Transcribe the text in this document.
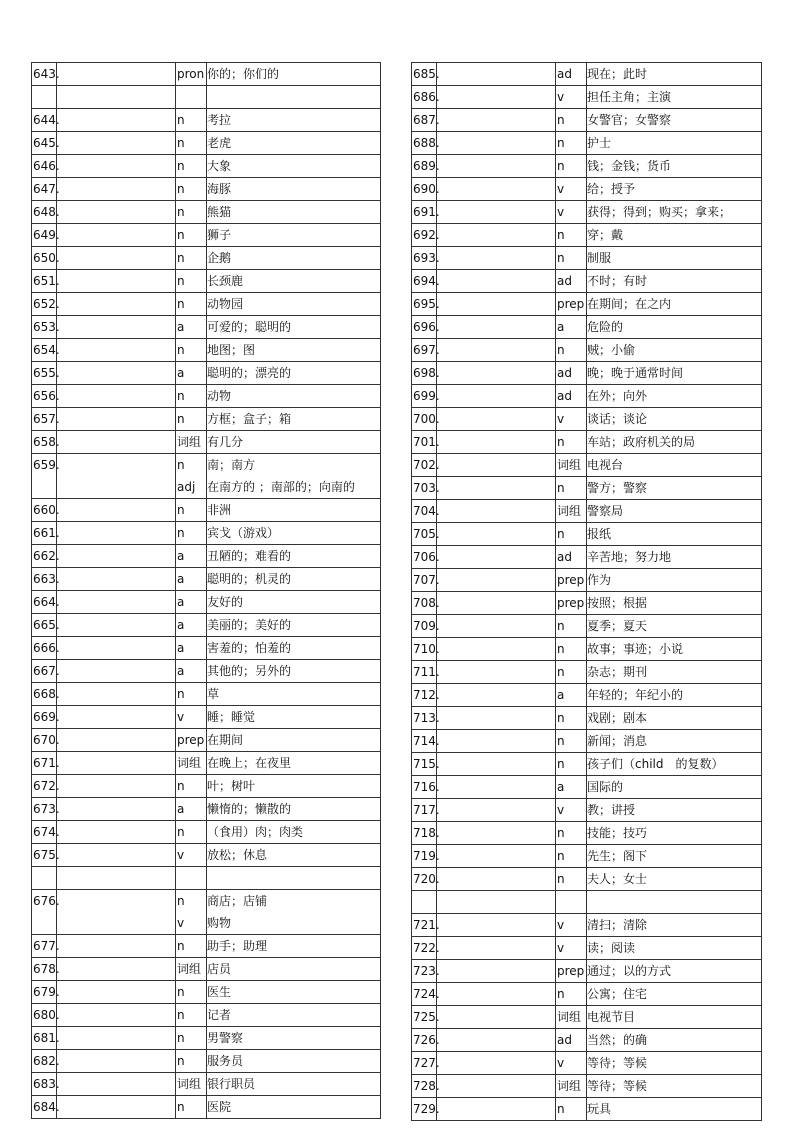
643.	pron 你的；你们的
644.	n 考拉
645.	n 老虎
646.	n 大象
647.	n 海豚
648.	n 熊猫
649.	n 狮子
650.	n 企鹅
651.	n 长颈鹿
652.	n 动物园
653.	a 可爱的；聪明的
654.	n 地图；图
655.	a 聪明的；漂亮的
656.	n 动物
657.	n 方框；盒子；箱
658.	词组 有几分
659.	n 南；南方
adj 在南方的 ；南部的；向南的
660.	n 非洲
661.	n 宾戈（游戏）
662.	a 丑陋的；难看的
663.	a 聪明的；机灵的
664.	a 友好的
665.	a 美丽的；美好的
666.	a 害羞的；怕羞的
667.	a 其他的；另外的
668.	n 草
669.	v 睡；睡觉
670.	prep 在期间
671.	词组 在晚上；在夜里
672.	n 叶；树叶
673.	a 懒惰的；懒散的
674.	n （食用）肉；肉类
675.	v 放松；休息
676.	n 商店；店铺
v 购物
677.	n 助手；助理
678.	词组 店员
679.	n 医生
680.	n 记者
681.	n 男警察
682.	n 服务员
683.	词组 银行职员
684.	n 医院
685.	ad 现在；此时
686.	v 担任主角；主演
687.	n 女警官；女警察
688.	n 护士
689.	n 钱；金钱；货币
690.	v 给；授予
691.	v 获得；得到；购买；拿来；
692.	n 穿；戴
693.	n 制服
694.	ad 不时；有时
695.	prep 在期间；在之内
696.	a 危险的
697.	n 贼；小偷
698.	ad 晚；晚于通常时间
699.	ad 在外；向外
700.	v 谈话；谈论
701.	n 车站；政府机关的局
702.	词组 电视台
703.	n 警方；警察
704.	词组 警察局
705.	n 报纸
706.	ad 辛苦地；努力地
707.	prep 作为
708.	prep 按照；根据
709.	n 夏季；夏天
710.	n 故事；事迹；小说
711.	n 杂志；期刊
712.	a 年轻的；年纪小的
713.	n 戏剧；剧本
714.	n 新闻；消息
715.	n 孩子们（child　的复数）
716.	a 国际的
717.	v 教；讲授
718.	n 技能；技巧
719.	n 先生；阁下
720.	n 夫人；女士
721.	v 清扫；清除
722.	v 读；阅读
723.	prep 通过；以的方式
724.	n 公寓；住宅
725.	词组 电视节目
726.	ad 当然；的确
727.	v 等待；等候
728.	词组 等待；等候
729.	n 玩具
